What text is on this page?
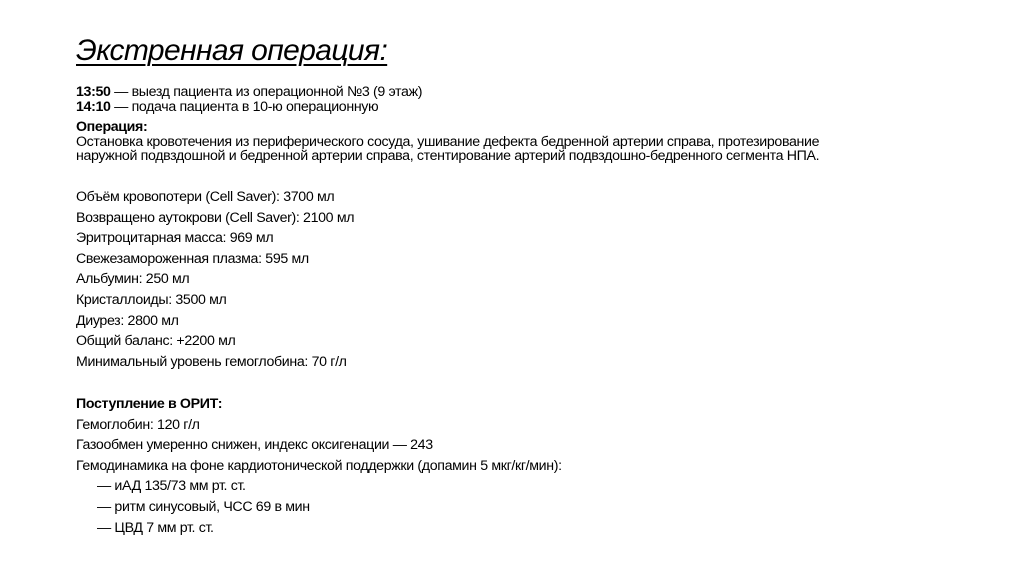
Экстренная операция:
13:50 — выезд пациента из операционной №3 (9 этаж)
14:10 — подача пациента в 10-ю операционную
Операция:
Остановка кровотечения из периферического сосуда, ушивание дефекта бедренной артерии справа, протезирование
наружной подвздошной и бедренной артерии справа, стентирование артерий подвздошно-бедренного сегмента НПА.
Объём кровопотери (Cell Saver): 3700 мл
Возвращено аутокрови (Cell Saver): 2100 мл
Эритроцитарная масса: 969 мл
Свежезамороженная плазма: 595 мл
Альбумин: 250 мл
Кристаллоиды: 3500 мл
Диурез: 2800 мл
Общий баланс: +2200 мл
Минимальный уровень гемоглобина: 70 г/л
Поступление в ОРИТ:
Гемоглобин: 120 г/л
Газообмен умеренно снижен, индекс оксигенации — 243
Гемодинамика на фоне кардиотонической поддержки (допамин 5 мкг/кг/мин):
— иАД 135/73 мм рт. ст.
— ритм синусовый, ЧСС 69 в мин
— ЦВД 7 мм рт. ст.
